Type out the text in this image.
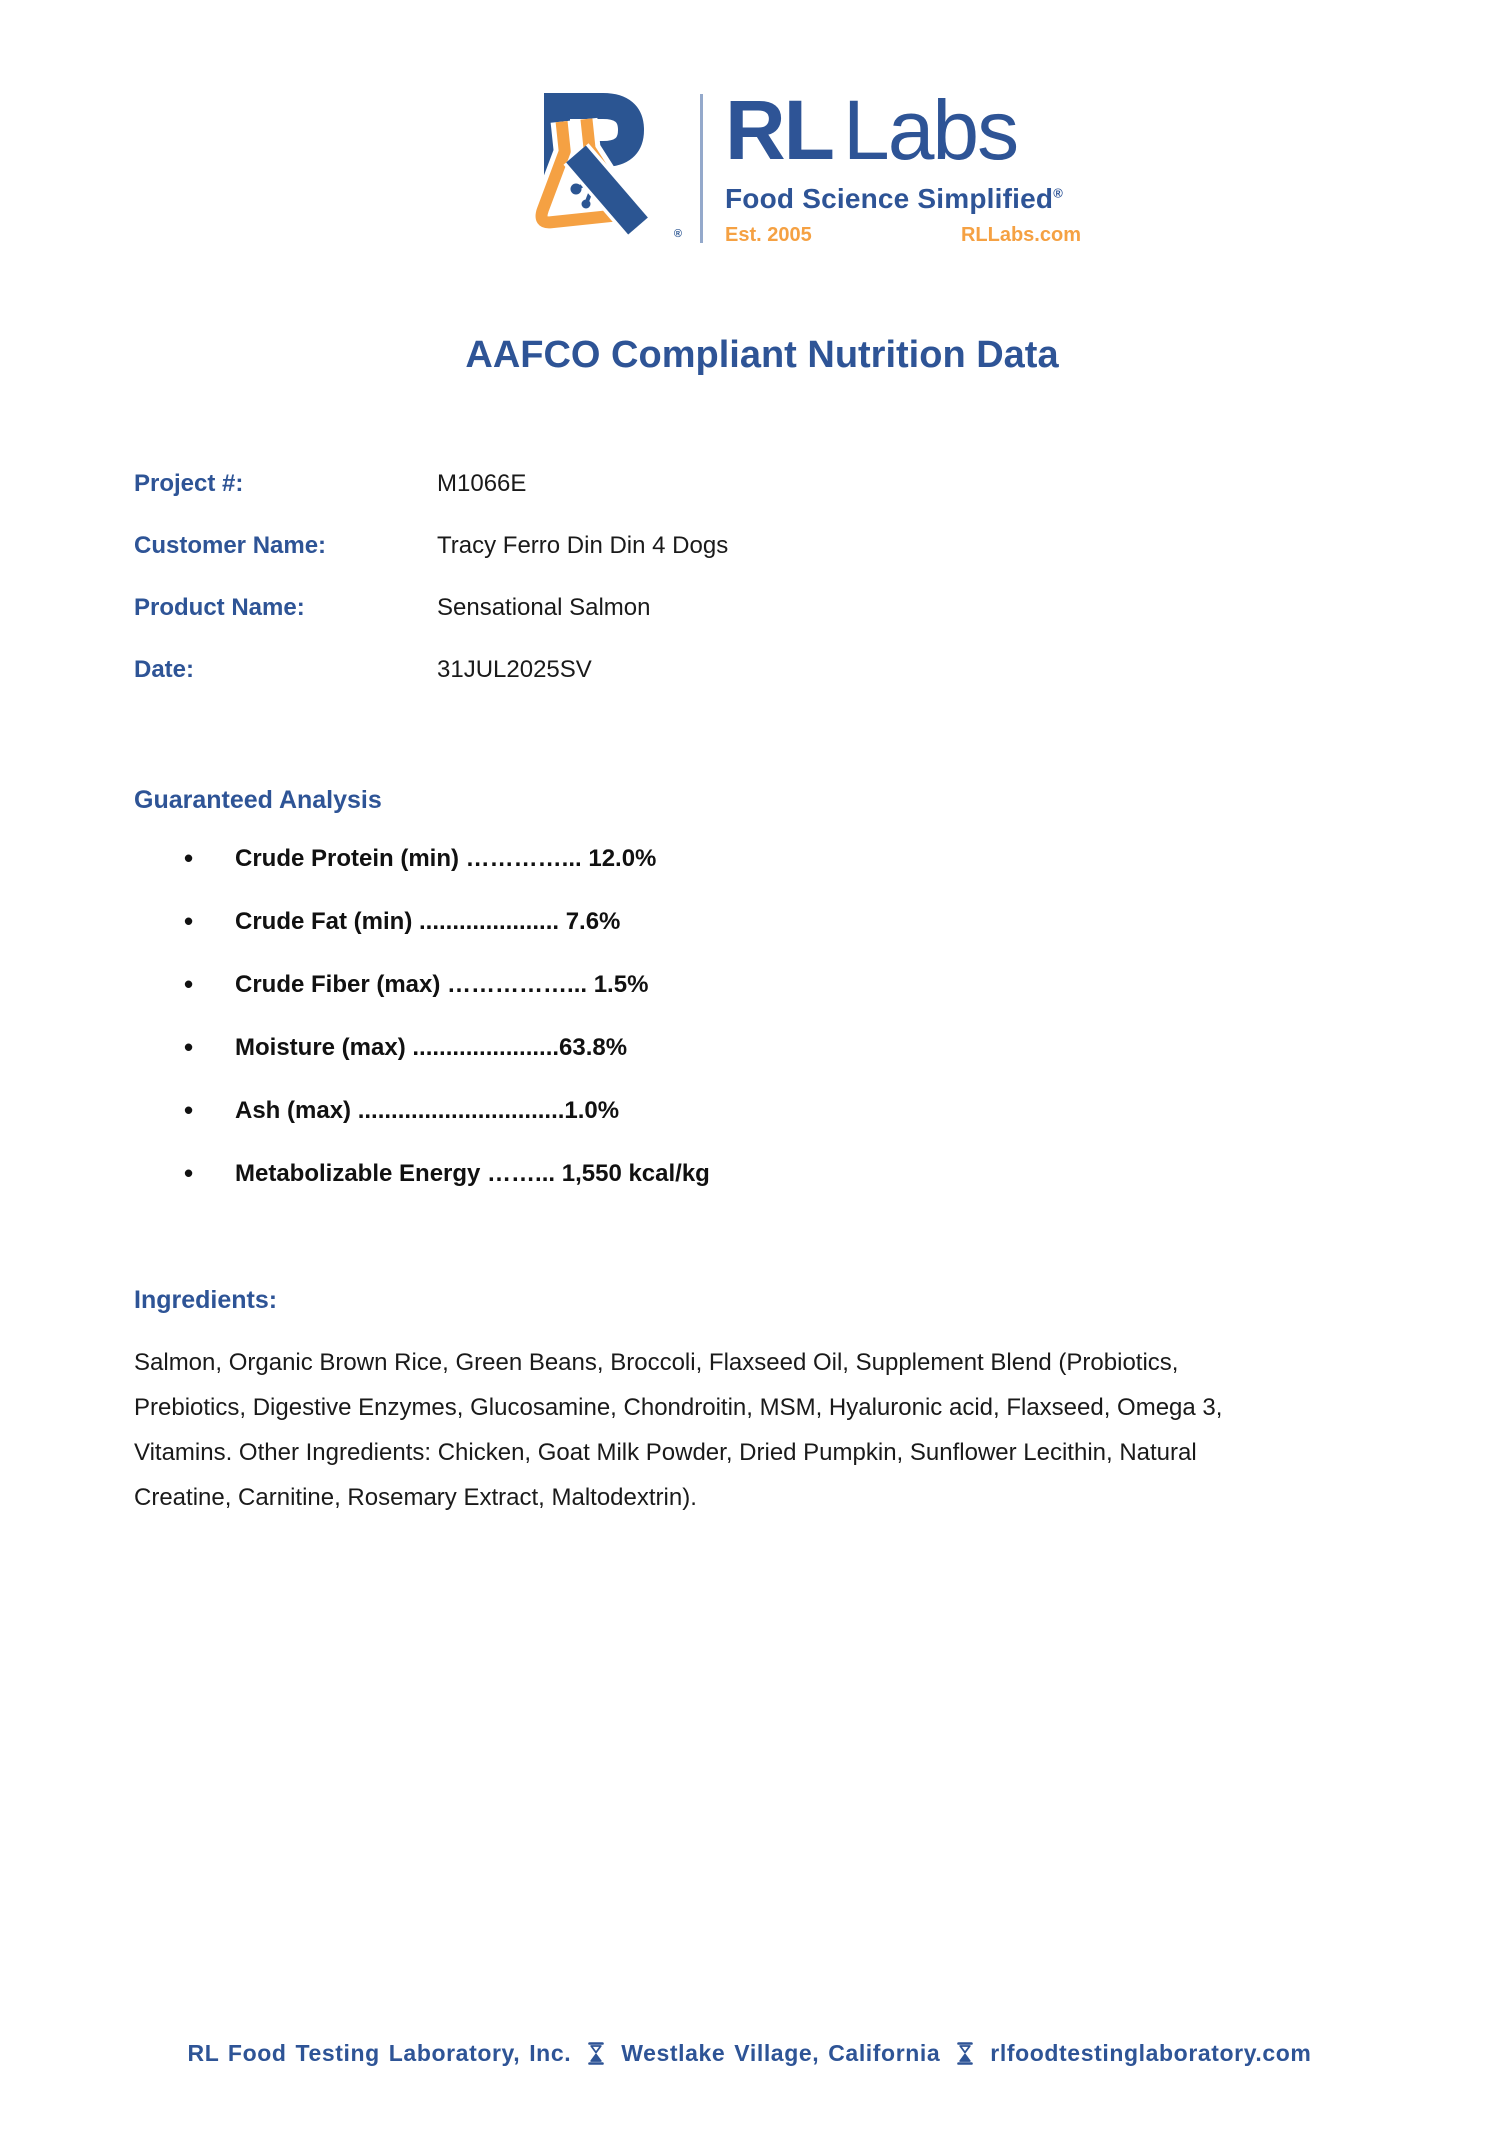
®
RL Labs
Food Science Simplified®
Est. 2005	RLLabs.com
AAFCO Compliant Nutrition Data
Project #:	M1066E
Customer Name:	Tracy Ferro Din Din 4 Dogs
Product Name:	Sensational Salmon
Date:	31JUL2025SV
Guaranteed Analysis
• Crude Protein (min) …………... 12.0%
• Crude Fat (min) ..................... 7.6%
• Crude Fiber (max) ……………... 1.5%
• Moisture (max) ......................63.8%
• Ash (max) ...............................1.0%
• Metabolizable Energy ……... 1,550 kcal/kg
Ingredients:
Salmon, Organic Brown Rice, Green Beans, Broccoli, Flaxseed Oil, Supplement Blend (Probiotics,
Prebiotics, Digestive Enzymes, Glucosamine, Chondroitin, MSM, Hyaluronic acid, Flaxseed, Omega 3,
Vitamins. Other Ingredients: Chicken, Goat Milk Powder, Dried Pumpkin, Sunflower Lecithin, Natural
Creatine, Carnitine, Rosemary Extract, Maltodextrin).
RL Food Testing Laboratory, Inc. Westlake Village, California rlfoodtestinglaboratory.com
